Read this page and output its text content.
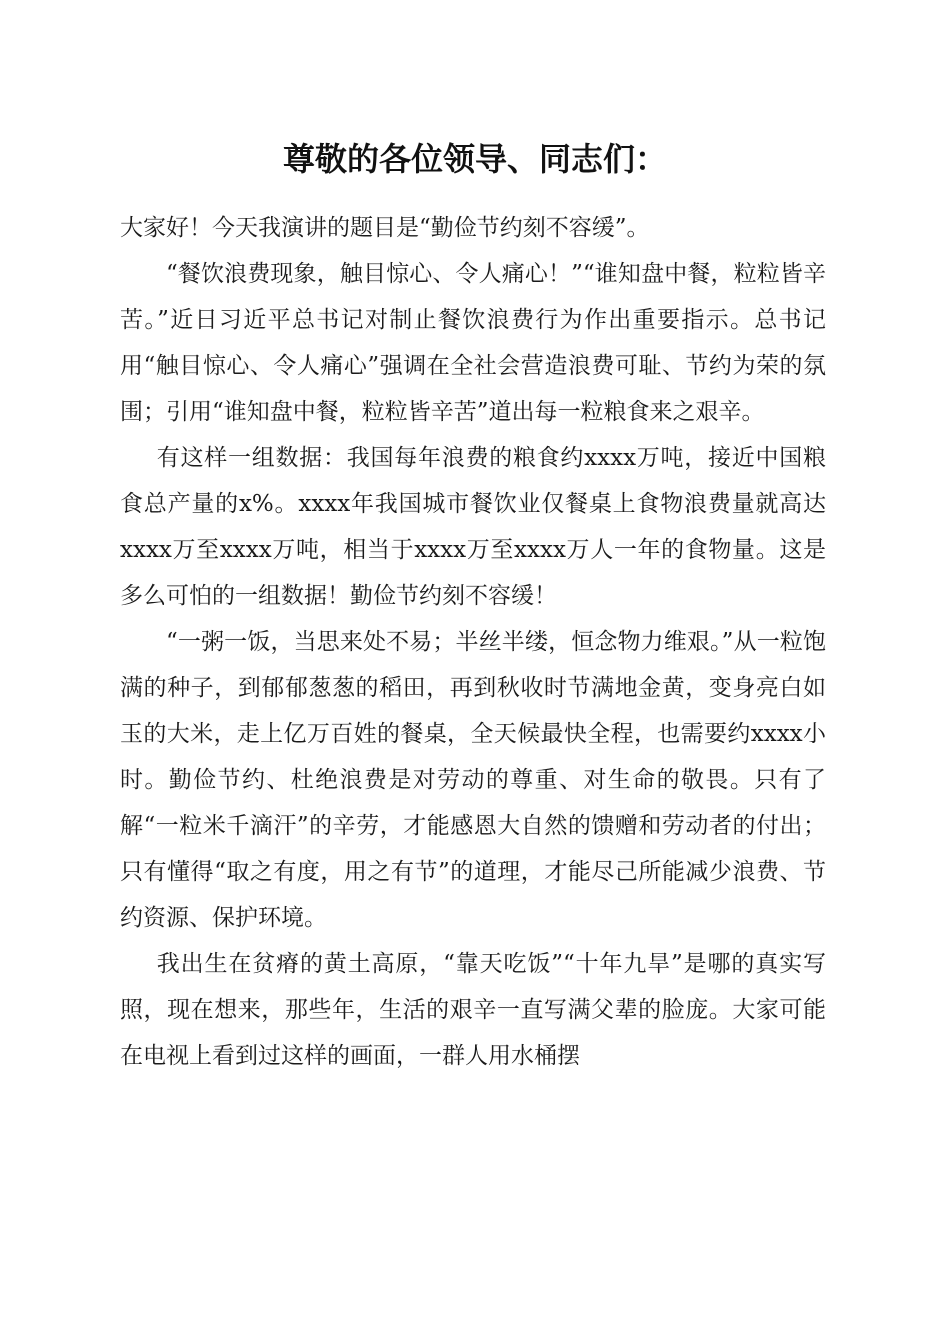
尊敬的各位领导、同志们：

大家好！今天我演讲的题目是“勤俭节约刻不容缓”。

“餐饮浪费现象，触目惊心、令人痛心！”“谁知盘中餐，粒粒皆辛苦。”近日习近平总书记对制止餐饮浪费行为作出重要指示。总书记用“触目惊心、令人痛心”强调在全社会营造浪费可耻、节约为荣的氛围；引用“谁知盘中餐，粒粒皆辛苦”道出每一粒粮食来之艰辛。

有这样一组数据：我国每年浪费的粮食约xxxx万吨，接近中国粮食总产量的x%。xxxx年我国城市餐饮业仅餐桌上食物浪费量就高达xxxx万至xxxx万吨，相当于xxxx万至xxxx万人一年的食物量。这是多么可怕的一组数据！勤俭节约刻不容缓！

“一粥一饭，当思来处不易；半丝半缕，恒念物力维艰。”从一粒饱满的种子，到郁郁葱葱的稻田，再到秋收时节满地金黄，变身亮白如玉的大米，走上亿万百姓的餐桌，全天候最快全程，也需要约xxxx小时。勤俭节约、杜绝浪费是对劳动的尊重、对生命的敬畏。只有了解“一粒米千滴汗”的辛劳，才能感恩大自然的馈赠和劳动者的付出；只有懂得“取之有度，用之有节”的道理，才能尽己所能减少浪费、节约资源、保护环境。

我出生在贫瘠的黄土高原，“靠天吃饭”“十年九旱”是哪的真实写照，现在想来，那些年，生活的艰辛一直写满父辈的脸庞。大家可能在电视上看到过这样的画面，一群人用水桶摆
